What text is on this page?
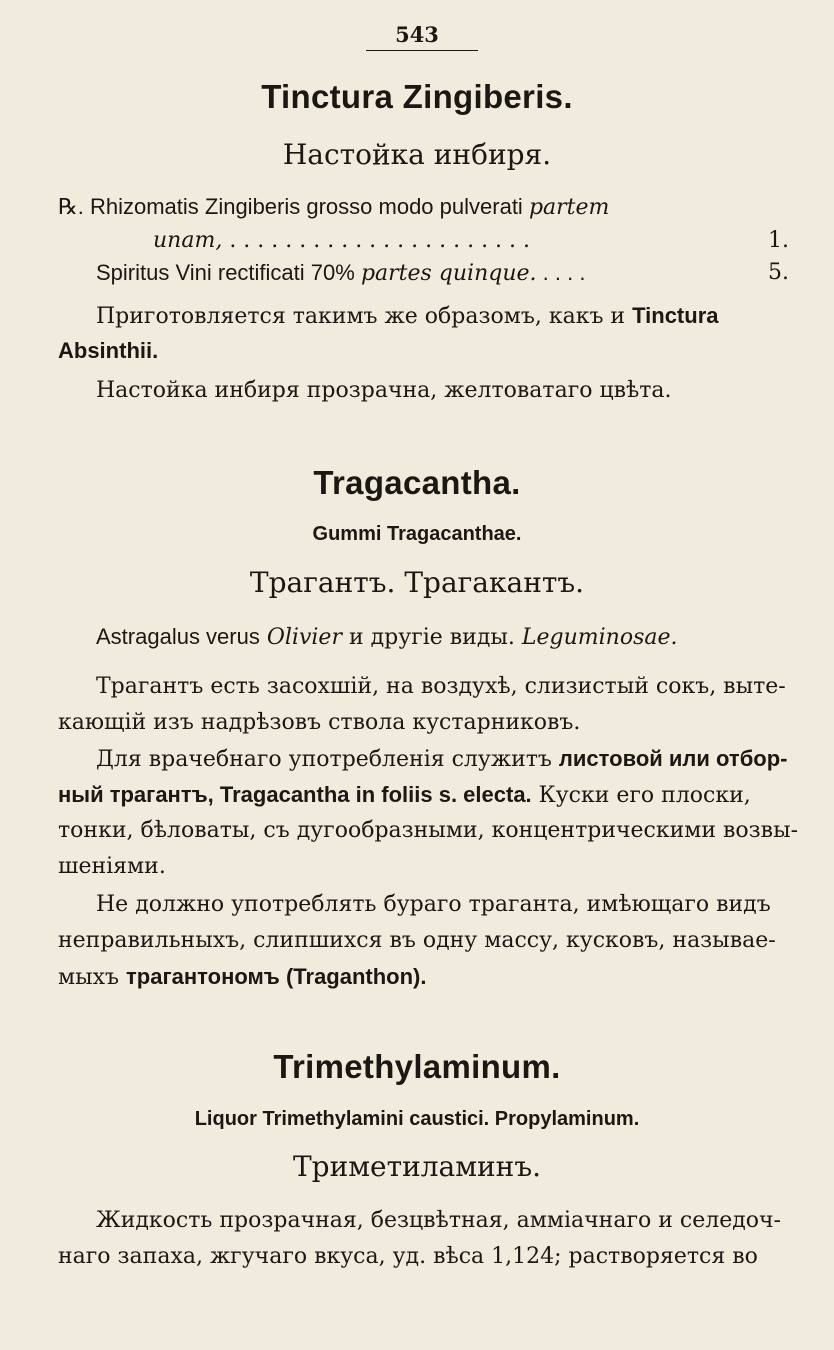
543
Tinctura Zingiberis.
Настойка инбиря.
℞. Rhizomatis Zingiberis grosso modo pulverati partem
unam, . . . . . . . . . . . . . . . . . . . . . .	1.
Spiritus Vini rectificati 70% partes quinque. . . . .	5.
Приготовляется такимъ же образомъ, какъ и Tinctura
Absinthii.
Настойка инбиря прозрачна, желтоватаго цвѣта.
Tragacantha.
Gummi Tragacanthae.
Трагантъ. Трагакантъ.
Astragalus verus Olivier и другіе виды. Leguminosae.
Трагантъ есть засохшій, на воздухѣ, слизистый сокъ, выте-
кающій изъ надрѣзовъ ствола кустарниковъ.
Для врачебнаго употребленія служитъ листовой или отбор-
ный трагантъ, Tragacantha in foliis s. electa. Куски его плоски,
тонки, бѣловаты, съ дугообразными, концентрическими возвы-
шеніями.
Не должно употреблять бураго траганта, имѣющаго видъ
неправильныхъ, слипшихся въ одну массу, кусковъ, называе-
мыхъ трагантономъ (Traganthon).
Trimethylaminum.
Liquor Trimethylamini caustici. Propylaminum.
Триметиламинъ.
Жидкость прозрачная, безцвѣтная, амміачнаго и селедоч-
наго запаха, жгучаго вкуса, уд. вѣса 1,124; растворяется во
